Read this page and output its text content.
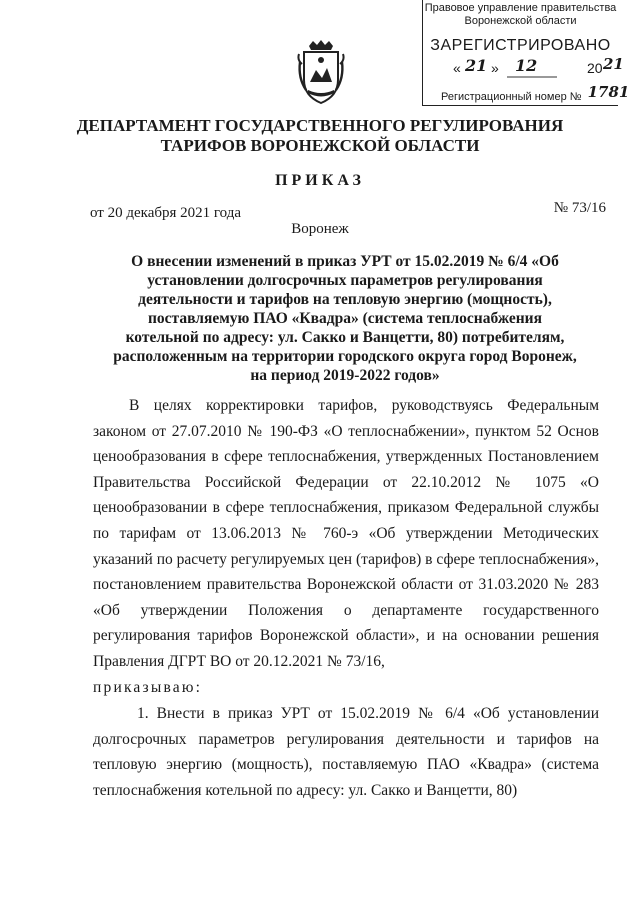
Правовое управление правительства
Воронежской области
ЗАРЕГИСТРИРОВАНО
« 21 » 12	20 21
Регистрационный номер № 1781
ДЕПАРТАМЕНТ ГОСУДАРСТВЕННОГО РЕГУЛИРОВАНИЯ ТАРИФОВ ВОРОНЕЖСКОЙ ОБЛАСТИ
ПРИКАЗ
от 20 декабря 2021 года	№ 73/16
Воронеж
О внесении изменений в приказ УРТ от 15.02.2019 № 6/4 «Об установлении долгосрочных параметров регулирования деятельности и тарифов на тепловую энергию (мощность), поставляемую ПАО «Квадра» (система теплоснабжения котельной по адресу: ул. Сакко и Ванцетти, 80) потребителям, расположенным на территории городского округа город Воронеж, на период 2019-2022 годов»

В целях корректировки тарифов, руководствуясь Федеральным законом от 27.07.2010 № 190-ФЗ «О теплоснабжении», пунктом 52 Основ ценообразования в сфере теплоснабжения, утвержденных Постановлением Правительства Российской Федерации от 22.10.2012 № 1075 «О ценообразовании в сфере теплоснабжения, приказом Федеральной службы по тарифам от 13.06.2013 № 760-э «Об утверждении Методических указаний по расчету регулируемых цен (тарифов) в сфере теплоснабжения», постановлением правительства Воронежской области от 31.03.2020 № 283 «Об утверждении Положения о департаменте государственного регулирования тарифов Воронежской области», и на основании решения Правления ДГРТ ВО от 20.12.2021 № 73/16,

приказываю:

1. Внести в приказ УРТ от 15.02.2019 № 6/4 «Об установлении долгосрочных параметров регулирования деятельности и тарифов на тепловую энергию (мощность), поставляемую ПАО «Квадра» (система теплоснабжения котельной по адресу: ул. Сакко и Ванцетти, 80)
